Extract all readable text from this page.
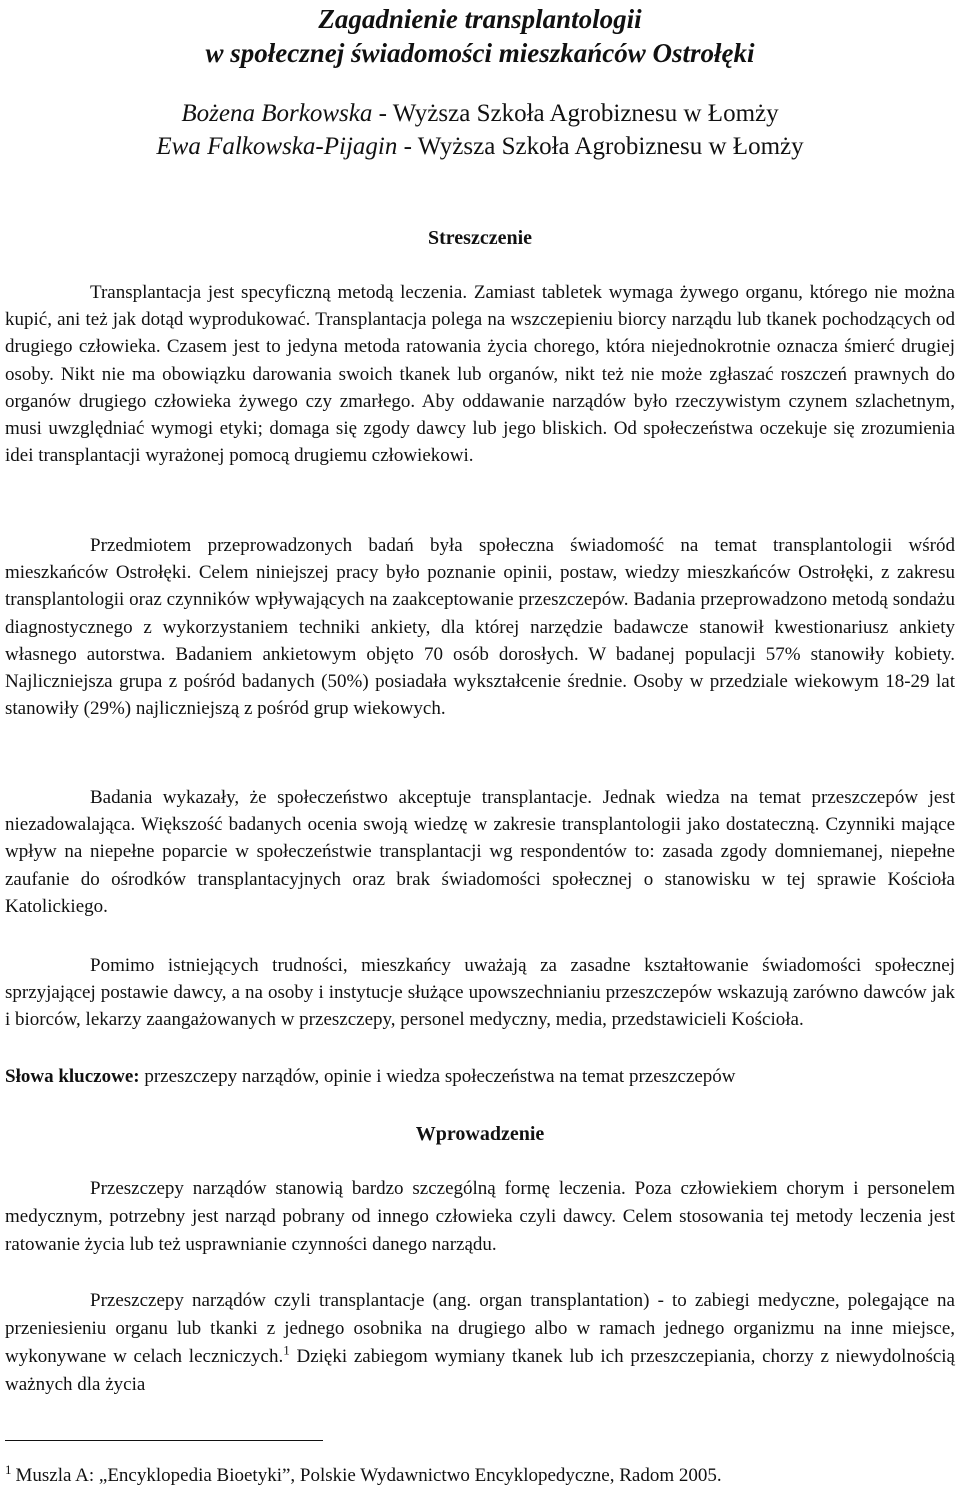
Zagadnienie transplantologii
w społecznej świadomości mieszkańców Ostrołęki
Bożena Borkowska - Wyższa Szkoła Agrobiznesu w Łomży
Ewa Falkowska-Pijagin - Wyższa Szkoła Agrobiznesu w Łomży
Streszczenie

Transplantacja jest specyficzną metodą leczenia. Zamiast tabletek wymaga żywego organu, którego nie można kupić, ani też jak dotąd wyprodukować. Transplantacja polega na wszczepieniu biorcy narządu lub tkanek pochodzących od drugiego człowieka. Czasem jest to jedyna metoda ratowania życia chorego, która niejednokrotnie oznacza śmierć drugiej osoby. Nikt nie ma obowiązku darowania swoich tkanek lub organów, nikt też nie może zgłaszać roszczeń prawnych do organów drugiego człowieka żywego czy zmarłego. Aby oddawanie narządów było rzeczywistym czynem szlachetnym, musi uwzględniać wymogi etyki; domaga się zgody dawcy lub jego bliskich. Od społeczeństwa oczekuje się zrozumienia idei transplantacji wyrażonej pomocą drugiemu człowiekowi.

Przedmiotem przeprowadzonych badań była społeczna świadomość na temat transplantologii wśród mieszkańców Ostrołęki. Celem niniejszej pracy było poznanie opinii, postaw, wiedzy mieszkańców Ostrołęki, z zakresu transplantologii oraz czynników wpływających na zaakceptowanie przeszczepów. Badania przeprowadzono metodą sondażu diagnostycznego z wykorzystaniem techniki ankiety, dla której narzędzie badawcze stanowił kwestionariusz ankiety własnego autorstwa. Badaniem ankietowym objęto 70 osób dorosłych. W badanej populacji 57% stanowiły kobiety. Najliczniejsza grupa z pośród badanych (50%) posiadała wykształcenie średnie. Osoby w przedziale wiekowym 18-29 lat stanowiły (29%) najliczniejszą z pośród grup wiekowych.

Badania wykazały, że społeczeństwo akceptuje transplantacje. Jednak wiedza na temat przeszczepów jest niezadowalająca. Większość badanych ocenia swoją wiedzę w zakresie transplantologii jako dostateczną. Czynniki mające wpływ na niepełne poparcie w społeczeństwie transplantacji wg respondentów to: zasada zgody domniemanej, niepełne zaufanie do ośrodków transplantacyjnych oraz brak świadomości społecznej o stanowisku w tej sprawie Kościoła Katolickiego.

Pomimo istniejących trudności, mieszkańcy uważają za zasadne kształtowanie świadomości społecznej sprzyjającej postawie dawcy, a na osoby i instytucje służące upowszechnianiu przeszczepów wskazują zarówno dawców jak i biorców, lekarzy zaangażowanych w przeszczepy, personel medyczny, media, przedstawicieli Kościoła.

Słowa kluczowe: przeszczepy narządów, opinie i wiedza społeczeństwa na temat przeszczepów

Wprowadzenie

Przeszczepy narządów stanowią bardzo szczególną formę leczenia. Poza człowiekiem chorym i personelem medycznym, potrzebny jest narząd pobrany od innego człowieka czyli dawcy. Celem stosowania tej metody leczenia jest ratowanie życia lub też usprawnianie czynności danego narządu.

Przeszczepy narządów czyli transplantacje (ang. organ transplantation) - to zabiegi medyczne, polegające na przeniesieniu organu lub tkanki z jednego osobnika na drugiego albo w ramach jednego organizmu na inne miejsce, wykonywane w celach leczniczych.$^1$ Dzięki zabiegom wymiany tkanek lub ich przeszczepiania, chorzy z niewydolnością ważnych dla życia

$^1$ Muszla A: „Encyklopedia Bioetyki”, Polskie Wydawnictwo Encyklopedyczne, Radom 2005.
